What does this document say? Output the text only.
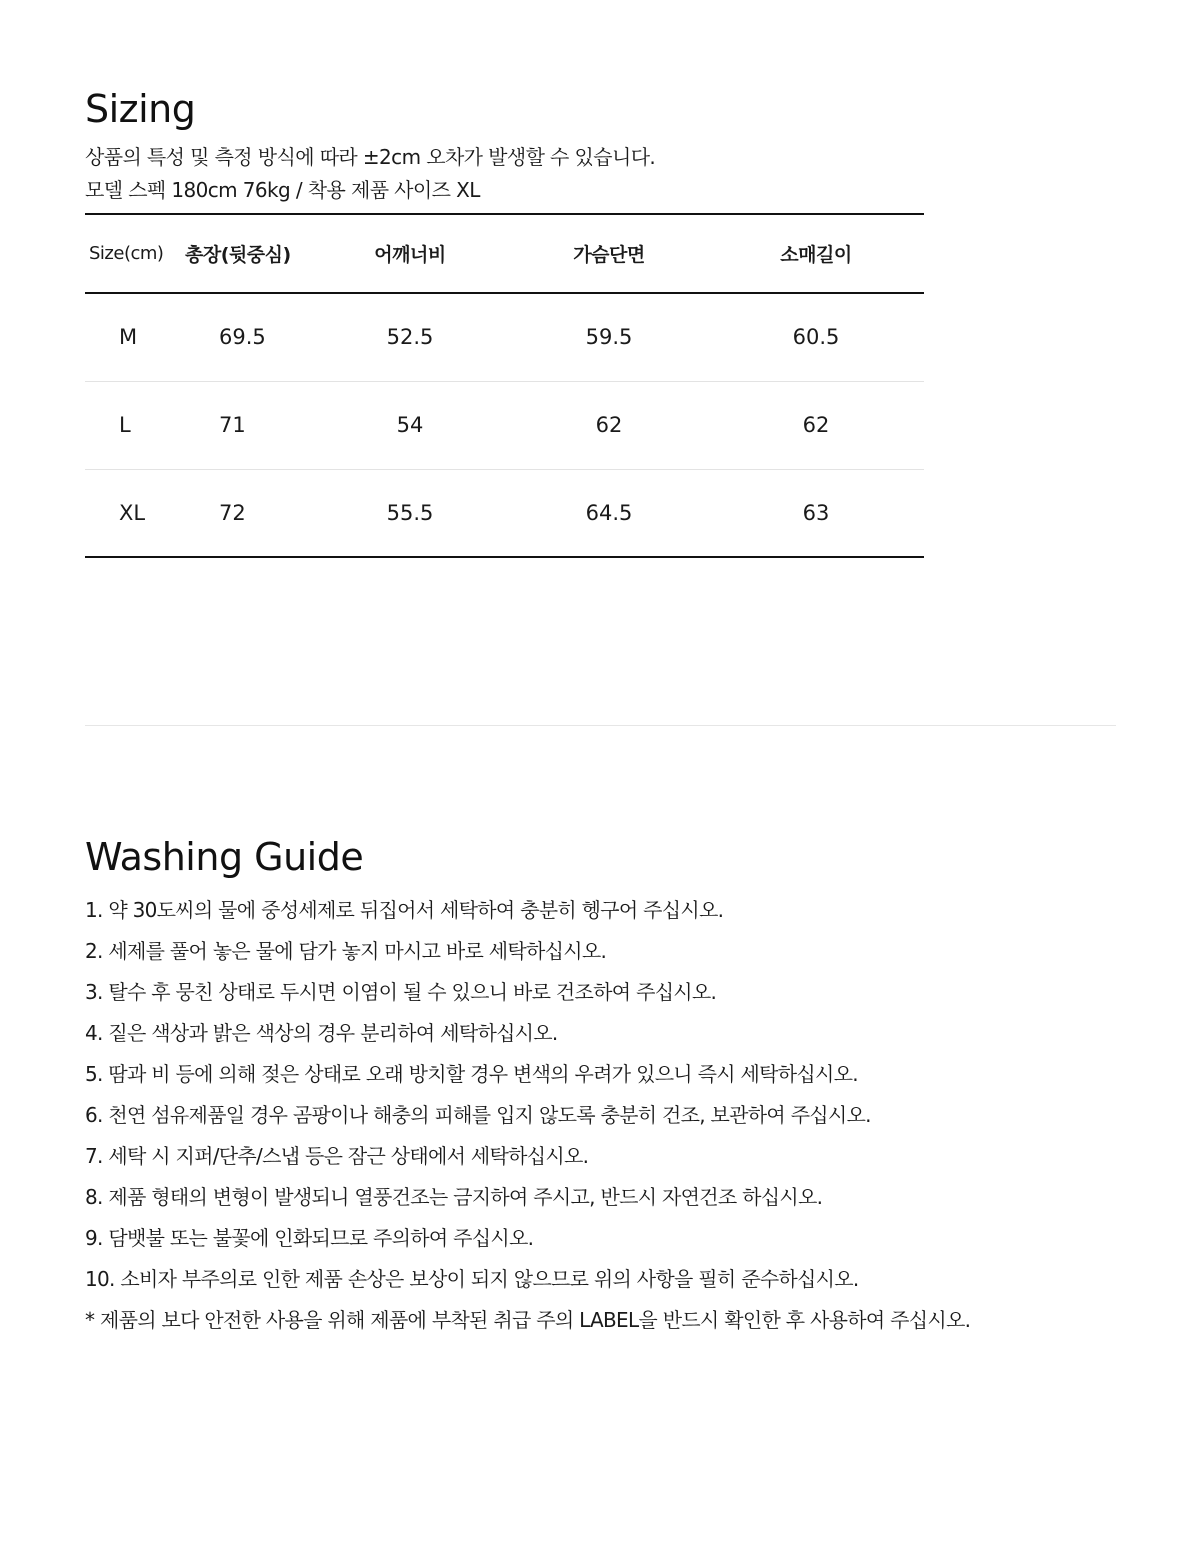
Sizing

상품의 특성 및 측정 방식에 따라 ±2cm 오차가 발생할 수 있습니다.

모델 스펙 180cm 76kg / 착용 제품 사이즈 XL

Size(cm)	총장(뒷중심)	어깨너비	가슴단면	소매길이
M	69.5	52.5	59.5	60.5
L	71	54	62	62
XL	72	55.5	64.5	63
Washing Guide
1. 약 30도씨의 물에 중성세제로 뒤집어서 세탁하여 충분히 헹구어 주십시오.
2. 세제를 풀어 놓은 물에 담가 놓지 마시고 바로 세탁하십시오.
3. 탈수 후 뭉친 상태로 두시면 이염이 될 수 있으니 바로 건조하여 주십시오.
4. 짙은 색상과 밝은 색상의 경우 분리하여 세탁하십시오.
5. 땀과 비 등에 의해 젖은 상태로 오래 방치할 경우 변색의 우려가 있으니 즉시 세탁하십시오.
6. 천연 섬유제품일 경우 곰팡이나 해충의 피해를 입지 않도록 충분히 건조, 보관하여 주십시오.
7. 세탁 시 지퍼/단추/스냅 등은 잠근 상태에서 세탁하십시오.
8. 제품 형태의 변형이 발생되니 열풍건조는 금지하여 주시고, 반드시 자연건조 하십시오.
9. 담뱃불 또는 불꽃에 인화되므로 주의하여 주십시오.
10. 소비자 부주의로 인한 제품 손상은 보상이 되지 않으므로 위의 사항을 필히 준수하십시오.
* 제품의 보다 안전한 사용을 위해 제품에 부착된 취급 주의 LABEL을 반드시 확인한 후 사용하여 주십시오.
